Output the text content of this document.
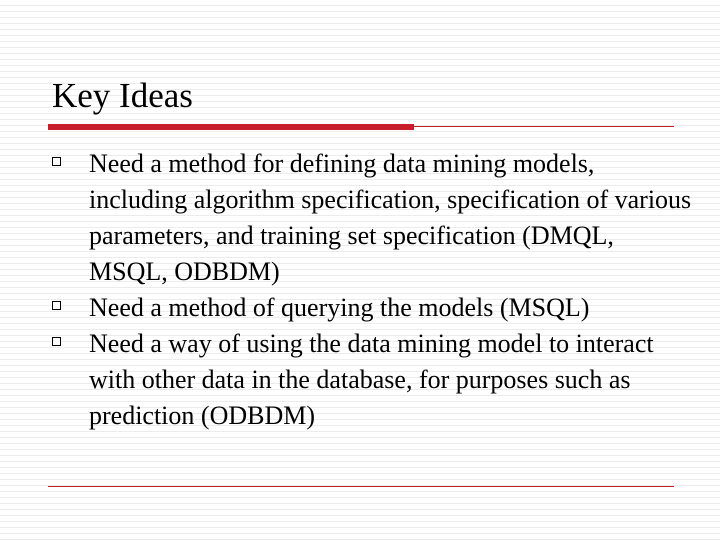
Key Ideas
Need a method for defining data mining models, including algorithm specification, specification of various parameters, and training set specification (DMQL, MSQL, ODBDM)
Need a method of querying the models (MSQL)
Need a way of using the data mining model to interact with other data in the database, for purposes such as prediction (ODBDM)
